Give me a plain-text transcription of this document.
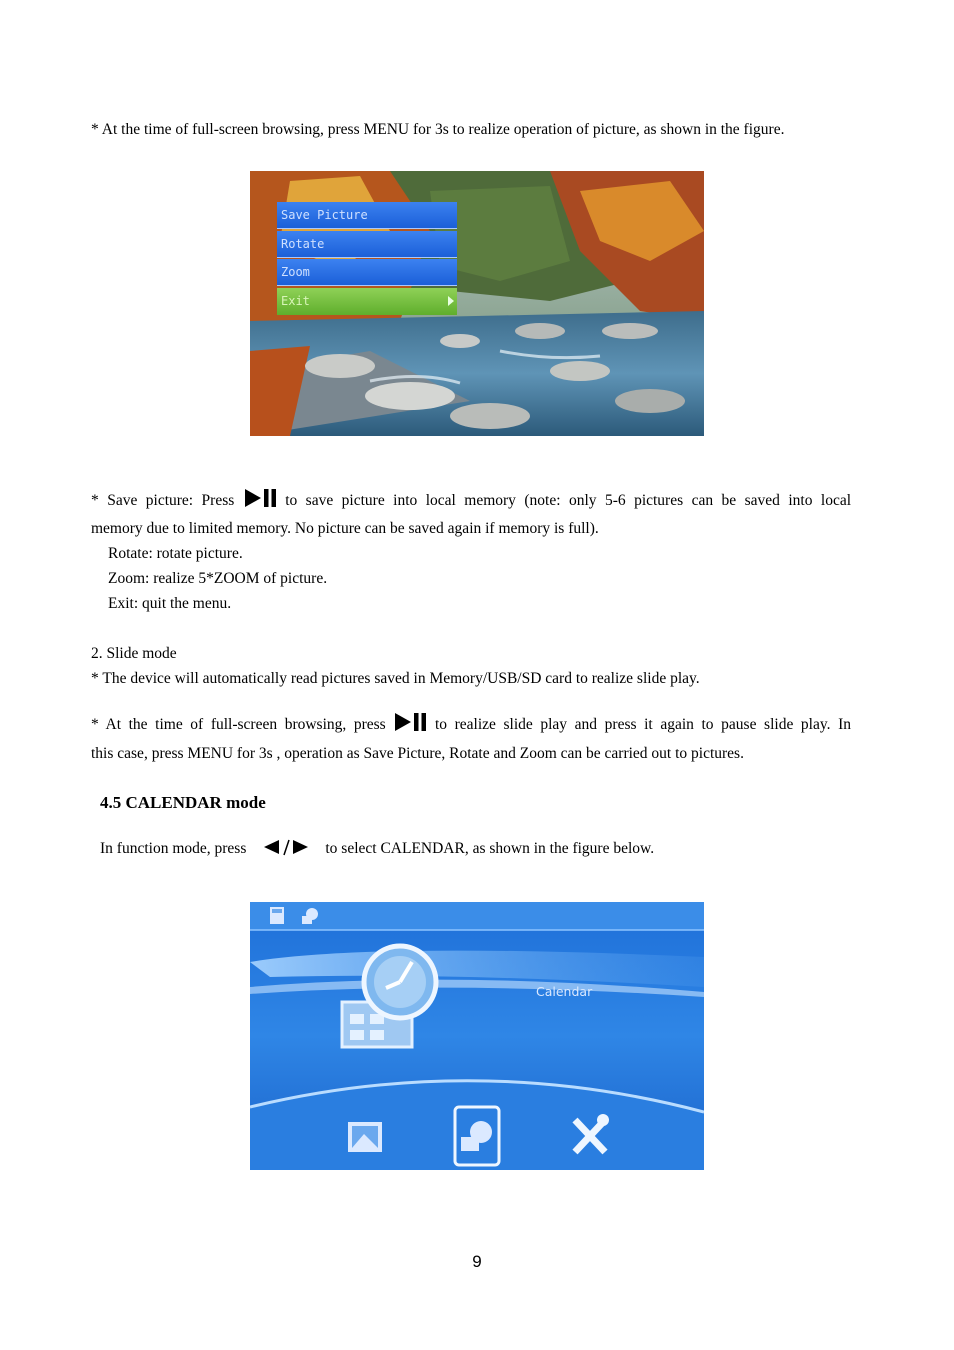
* At the time of full-screen browsing, press MENU for 3s to realize operation of picture, as shown in the figure.

Save Picture
Rotate
Zoom
Exit

* Save picture: Press	to save picture into local memory (note: only 5-6 pictures can be saved into local

memory due to limited memory. No picture can be saved again if memory is full).

Rotate: rotate picture.

Zoom: realize 5*ZOOM of picture.

Exit: quit the menu.

2. Slide mode

* The device will automatically read pictures saved in Memory/USB/SD card to realize slide play.

* At the time of full-screen browsing, press	to realize slide play and press it again to pause slide play. In

this case, press MENU for 3s , operation as Save Picture, Rotate and Zoom can be carried out to pictures.

4.5 CALENDAR mode

In function mode, press	to select CALENDAR, as shown in the figure below.

Calendar
9
